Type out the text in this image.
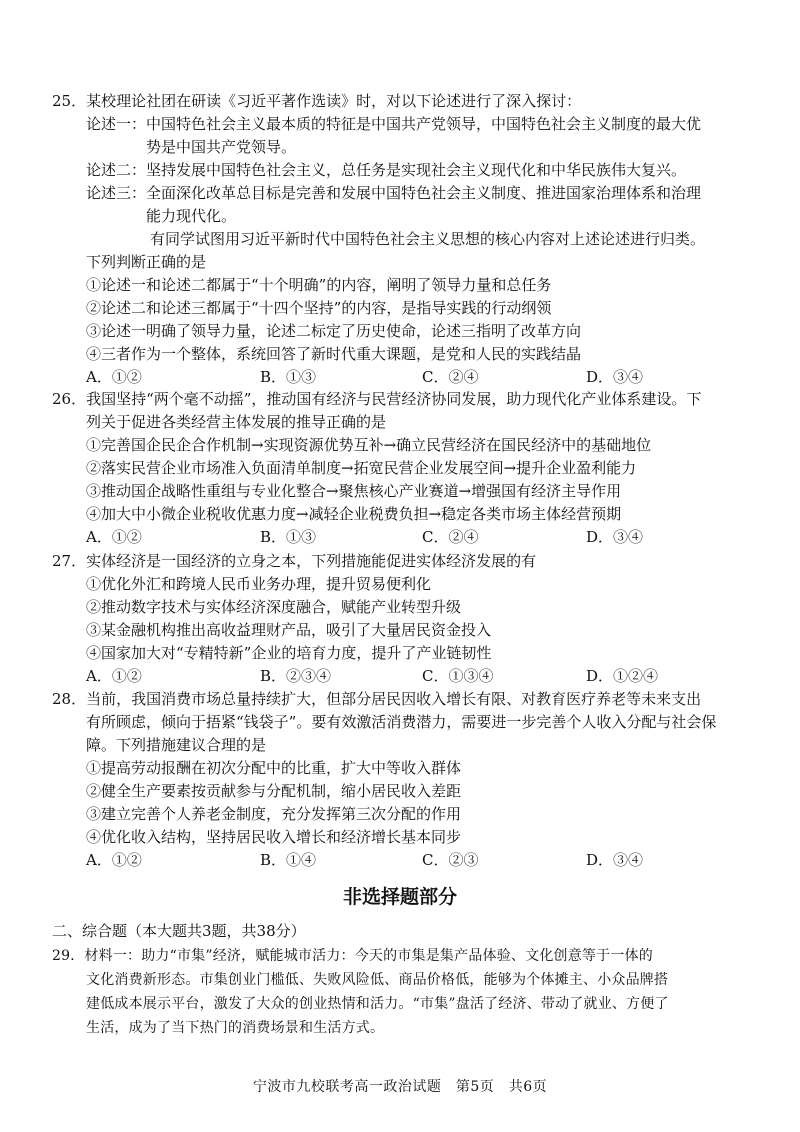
25．某校理论社团在研读《习近平著作选读》时，对以下论述进行了深入探讨：
论述一：中国特色社会主义最本质的特征是中国共产党领导，中国特色社会主义制度的最大优
势是中国共产党领导。
论述二：坚持发展中国特色社会主义，总任务是实现社会主义现代化和中华民族伟大复兴。
论述三：全面深化改革总目标是完善和发展中国特色社会主义制度、推进国家治理体系和治理
能力现代化。
有同学试图用习近平新时代中国特色社会主义思想的核心内容对上述论述进行归类。
下列判断正确的是
①论述一和论述二都属于“十个明确”的内容，阐明了领导力量和总任务
②论述二和论述三都属于“十四个坚持”的内容，是指导实践的行动纲领
③论述一明确了领导力量，论述二标定了历史使命，论述三指明了改革方向
④三者作为一个整体，系统回答了新时代重大课题，是党和人民的实践结晶
A．①②	B．①③	C．②④	D．③④
26．我国坚持“两个毫不动摇”，推动国有经济与民营经济协同发展，助力现代化产业体系建设。下
列关于促进各类经营主体发展的推导正确的是
①完善国企民企合作机制→实现资源优势互补→确立民营经济在国民经济中的基础地位
②落实民营企业市场准入负面清单制度→拓宽民营企业发展空间→提升企业盈利能力
③推动国企战略性重组与专业化整合→聚焦核心产业赛道→增强国有经济主导作用
④加大中小微企业税收优惠力度→减轻企业税费负担→稳定各类市场主体经营预期
A．①②	B．①③	C．②④	D．③④
27．实体经济是一国经济的立身之本，下列措施能促进实体经济发展的有
①优化外汇和跨境人民币业务办理，提升贸易便利化
②推动数字技术与实体经济深度融合，赋能产业转型升级
③某金融机构推出高收益理财产品，吸引了大量居民资金投入
④国家加大对“专精特新”企业的培育力度，提升了产业链韧性
A．①②	B．②③④	C．①③④	D．①②④
28．当前，我国消费市场总量持续扩大，但部分居民因收入增长有限、对教育医疗养老等未来支出
有所顾虑，倾向于捂紧“钱袋子”。要有效激活消费潜力，需要进一步完善个人收入分配与社会保
障。下列措施建议合理的是
①提高劳动报酬在初次分配中的比重，扩大中等收入群体
②健全生产要素按贡献参与分配机制，缩小居民收入差距
③建立完善个人养老金制度，充分发挥第三次分配的作用
④优化收入结构，坚持居民收入增长和经济增长基本同步
A．①②	B．①④	C．②③	D．③④
非选择题部分
二、综合题（本大题共3题，共38分）
29．材料一：助力“市集”经济，赋能城市活力：今天的市集是集产品体验、文化创意等于一体的
文化消费新形态。市集创业门槛低、失败风险低、商品价格低，能够为个体摊主、小众品牌搭
建低成本展示平台，激发了大众的创业热情和活力。“市集”盘活了经济、带动了就业、方便了
生活，成为了当下热门的消费场景和生活方式。
宁波市九校联考高一政治试题　第5页　共6页
